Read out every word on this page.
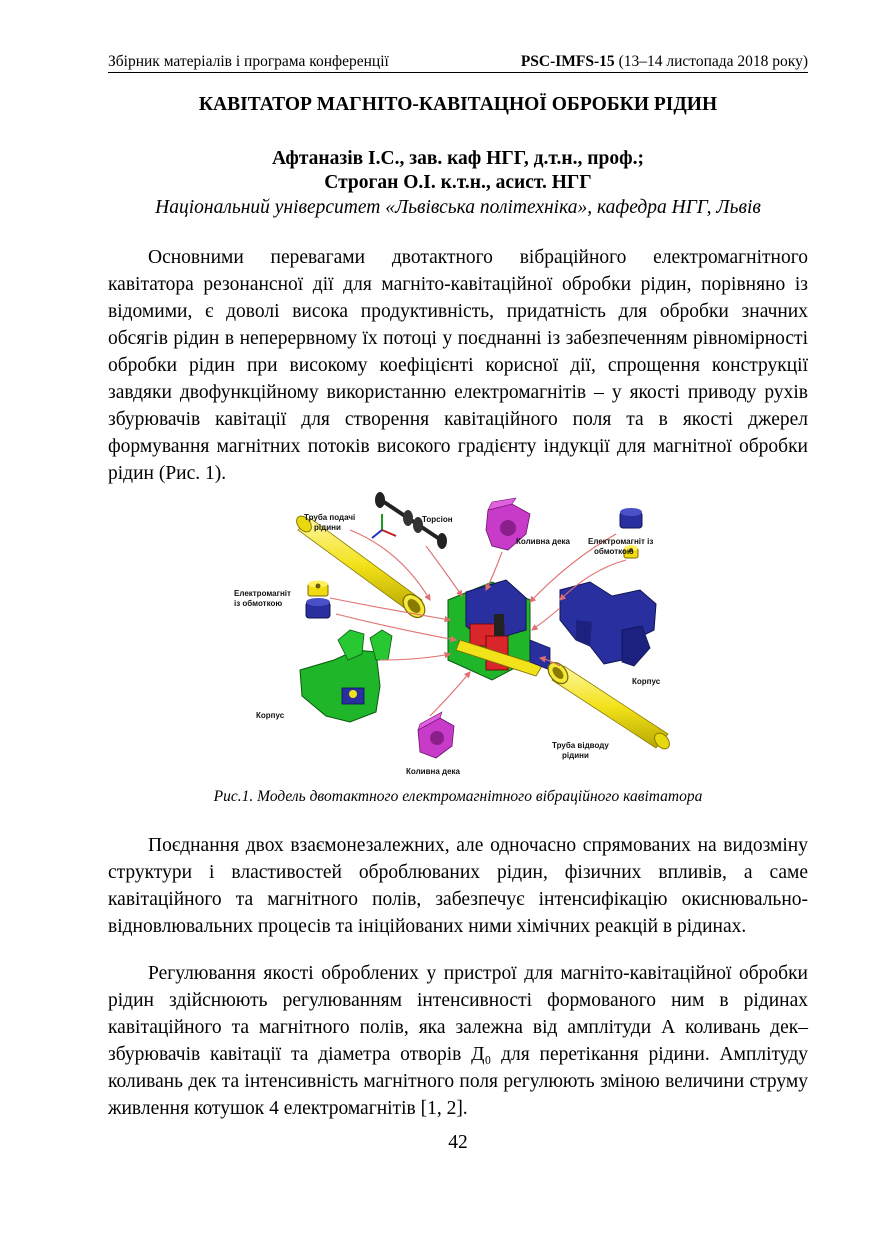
Збірник матеріалів і програма конференції	PSC-IMFS-15 (13–14 листопада 2018 року)
КАВІТАТОР МАГНІТО-КАВІТАЦНОЇ ОБРОБКИ РІДИН
Афтаназів І.С., зав. каф НГГ, д.т.н., проф.;
Строган О.І. к.т.н., асист. НГГ
Національний університет «Львівська політехніка», кафедра НГГ, Львів

Основними перевагами двотактного вібраційного електромагнітного кавітатора резонансної дії для магніто-кавітаційної обробки рідин, порівняно із відомими, є доволі висока продуктивність, придатність для обробки значних обсягів рідин в неперервному їх потоці у поєднанні із забезпеченням рівномірності обробки рідин при високому коефіцієнті корисної дії, спрощення конструкції завдяки двофункційному використанню електромагнітів – у якості приводу рухів збурювачів кавітації для створення кавітаційного поля та в якості джерел формування магнітних потоків високого градієнту індукції для магнітної обробки рідин (Рис. 1).

Труба подачі
рідини
Торсіон
Коливна дека Електромагніт із
обмоткою
Електромагніт
із обмоткою
Корпус
Корпус
Труба відводу
рідини
Коливна дека
Рис.1. Модель двотактного електромагнітного вібраційного кавітатора

Поєднання двох взаємонезалежних, але одночасно спрямованих на видозміну структури і властивостей оброблюваних рідин, фізичних впливів, а саме кавітаційного та магнітного полів, забезпечує інтенсифікацію окиснювально-відновлювальних процесів та ініційованих ними хімічних реакцій в рідинах.

Регулювання якості оброблених у пристрої для магніто-кавітаційної обробки рідин здійснюють регулюванням інтенсивності формованого ним в рідинах кавітаційного та магнітного полів, яка залежна від амплітуди А коливань дек–збурювачів кавітації та діаметра отворів Д₀ для перетікання рідини. Амплітуду коливань дек та інтенсивність магнітного поля регулюють зміною величини струму живлення котушок 4 електромагнітів [1, 2].

42
